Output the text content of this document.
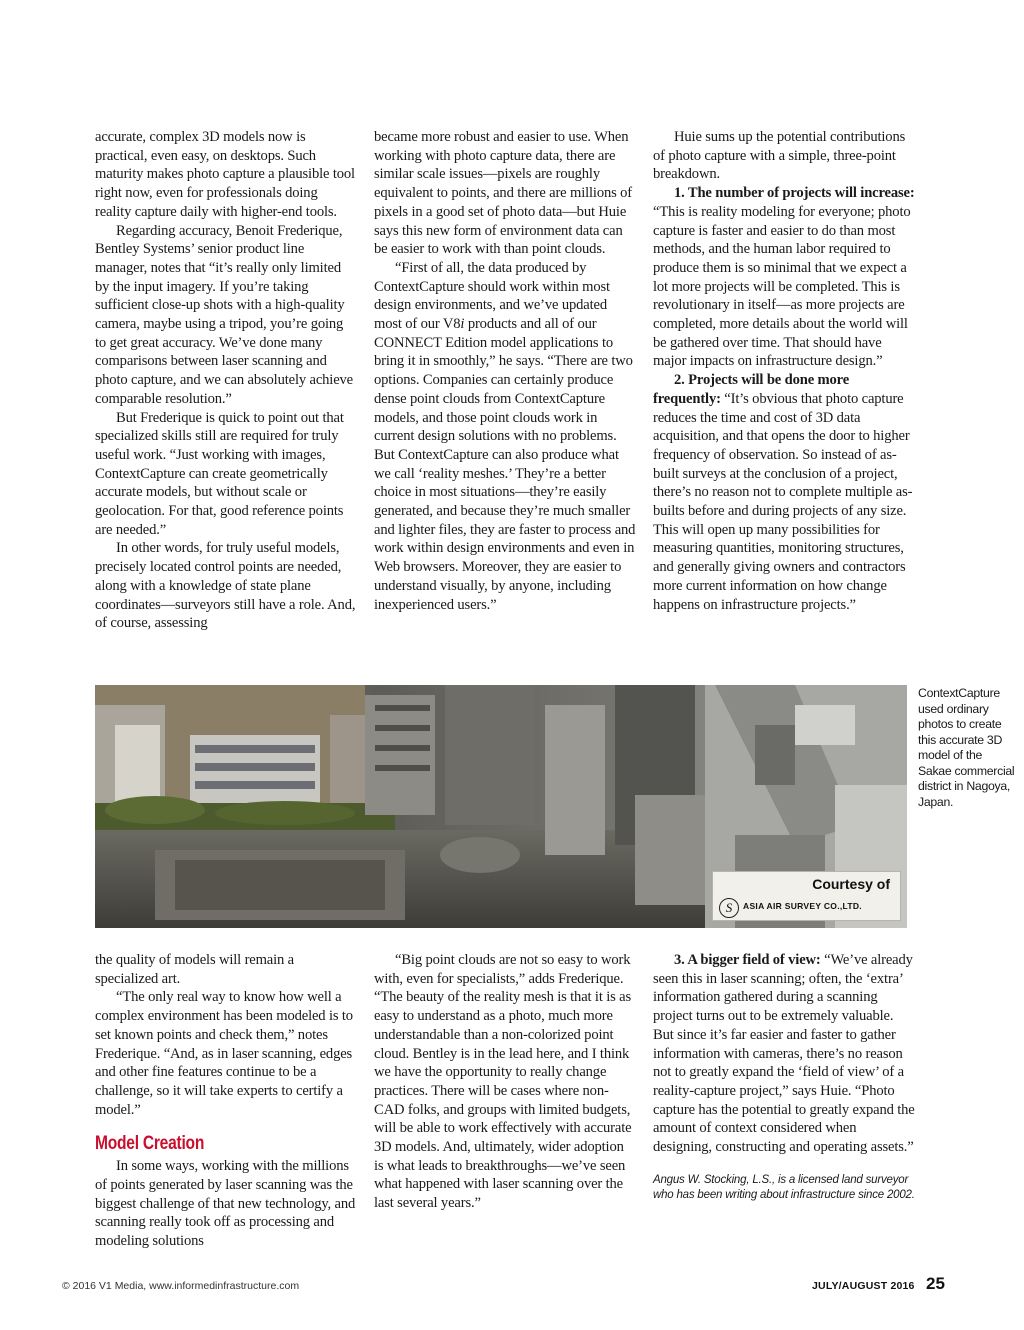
accurate, complex 3D models now is practical, even easy, on desktops. Such maturity makes photo capture a plausible tool right now, even for professionals doing reality capture daily with higher-end tools.

Regarding accuracy, Benoit Frederique, Bentley Systems’ senior product line manager, notes that “it’s really only limited by the input imagery. If you’re taking sufficient close-up shots with a high-quality camera, maybe using a tripod, you’re going to get great accuracy. We’ve done many comparisons between laser scanning and photo capture, and we can absolutely achieve comparable resolution.”

But Frederique is quick to point out that specialized skills still are required for truly useful work. “Just working with images, ContextCapture can create geometrically accurate models, but without scale or geolocation. For that, good reference points are needed.”

In other words, for truly useful models, precisely located control points are needed, along with a knowledge of state plane coordinates—surveyors still have a role. And, of course, assessing

became more robust and easier to use. When working with photo capture data, there are similar scale issues—pixels are roughly equivalent to points, and there are millions of pixels in a good set of photo data—but Huie says this new form of environment data can be easier to work with than point clouds.

“First of all, the data produced by ContextCapture should work within most design environments, and we’ve updated most of our V8i products and all of our CONNECT Edition model applications to bring it in smoothly,” he says. “There are two options. Companies can certainly produce dense point clouds from ContextCapture models, and those point clouds work in current design solutions with no problems. But ContextCapture can also produce what we call ‘reality meshes.’ They’re a better choice in most situations—they’re easily generated, and because they’re much smaller and lighter files, they are faster to process and work within design environments and even in Web browsers. Moreover, they are easier to understand visually, by anyone, including inexperienced users.”

Huie sums up the potential contributions of photo capture with a simple, three-point breakdown.

1. The number of projects will increase: “This is reality modeling for everyone; photo capture is faster and easier to do than most methods, and the human labor required to produce them is so minimal that we expect a lot more projects will be completed. This is revolutionary in itself—as more projects are completed, more details about the world will be gathered over time. That should have major impacts on infrastructure design.”

2. Projects will be done more frequently: “It’s obvious that photo capture reduces the time and cost of 3D data acquisition, and that opens the door to higher frequency of observation. So instead of as-built surveys at the conclusion of a project, there’s no reason not to complete multiple as-builts before and during projects of any size. This will open up many possibilities for measuring quantities, monitoring structures, and generally giving owners and contractors more current information on how change happens on infrastructure projects.”

Courtesy of
S	ASIA AIR SURVEY CO.,LTD.
ContextCapture used ordinary photos to create this accurate 3D model of the Sakae commercial district in Nagoya, Japan.

the quality of models will remain a specialized art.

“The only real way to know how well a complex environment has been modeled is to set known points and check them,” notes Frederique. “And, as in laser scanning, edges and other fine features continue to be a challenge, so it will take experts to certify a model.”

Model Creation

In some ways, working with the millions of points generated by laser scanning was the biggest challenge of that new technology, and scanning really took off as processing and modeling solutions

“Big point clouds are not so easy to work with, even for specialists,” adds Frederique. “The beauty of the reality mesh is that it is as easy to understand as a photo, much more understandable than a non-colorized point cloud. Bentley is in the lead here, and I think we have the opportunity to really change practices. There will be cases where non-CAD folks, and groups with limited budgets, will be able to work effectively with accurate 3D models. And, ultimately, wider adoption is what leads to breakthroughs—we’ve seen what happened with laser scanning over the last several years.”

3. A bigger field of view: “We’ve already seen this in laser scanning; often, the ‘extra’ information gathered during a scanning project turns out to be extremely valuable. But since it’s far easier and faster to gather information with cameras, there’s no reason not to greatly expand the ‘field of view’ of a reality-capture project,” says Huie. “Photo capture has the potential to greatly expand the amount of context considered when designing, constructing and operating assets.”

Angus W. Stocking, L.S., is a licensed land surveyor who has been writing about infrastructure since 2002.

© 2016 V1 Media, www.informedinfrastructure.com	JULY/AUGUST 2016 25
